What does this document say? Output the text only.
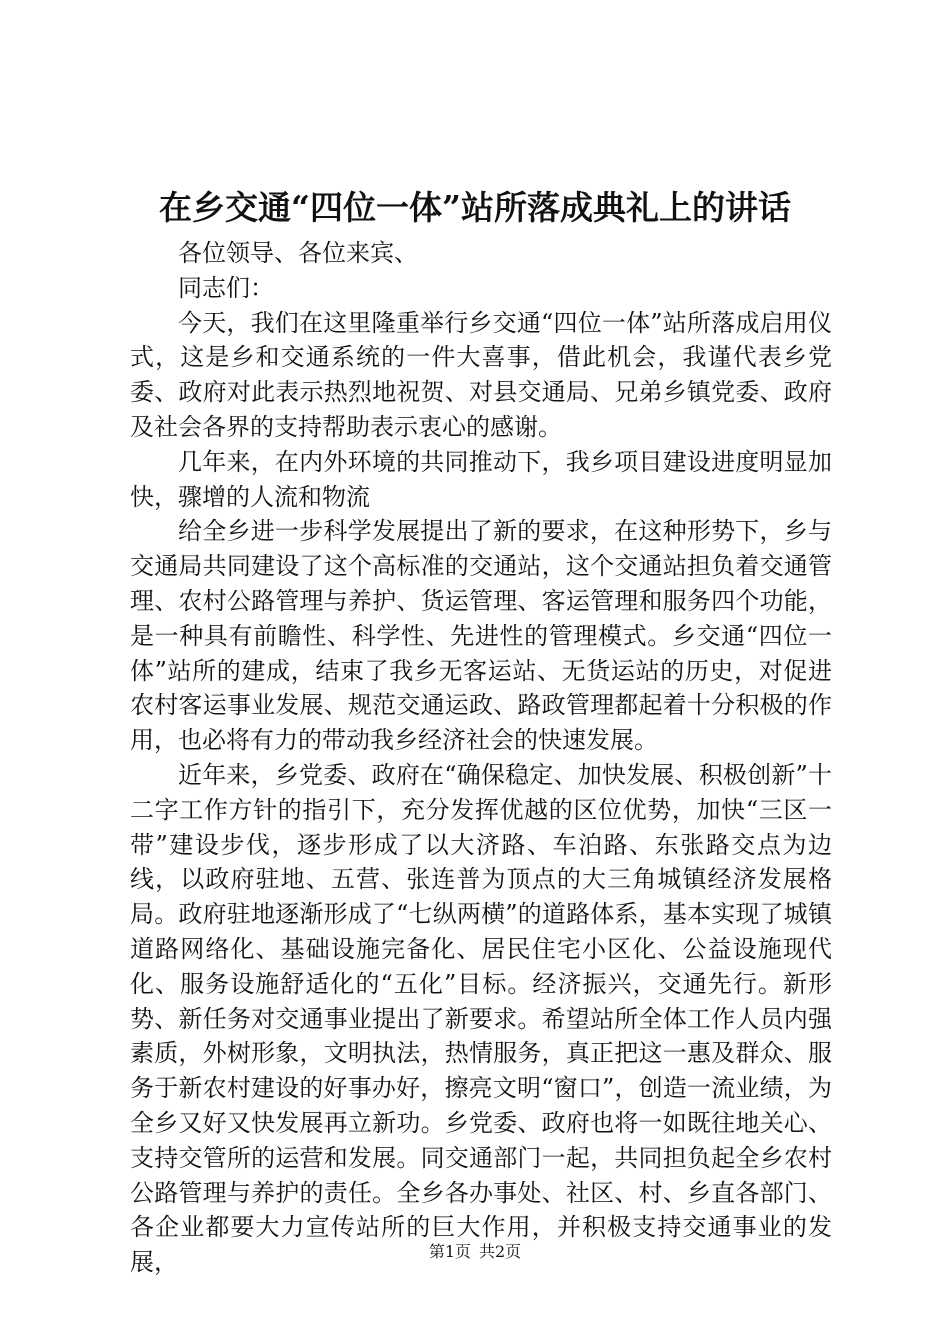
在乡交通“四位一体”站所落成典礼上的讲话

各位领导、各位来宾、

同志们：

今天，我们在这里隆重举行乡交通“四位一体”站所落成启用仪式，这是乡和交通系统的一件大喜事，借此机会，我谨代表乡党委、政府对此表示热烈地祝贺、对县交通局、兄弟乡镇党委、政府及社会各界的支持帮助表示衷心的感谢。

几年来，在内外环境的共同推动下，我乡项目建设进度明显加快，骤增的人流和物流

给全乡进一步科学发展提出了新的要求，在这种形势下，乡与交通局共同建设了这个高标准的交通站，这个交通站担负着交通管理、农村公路管理与养护、货运管理、客运管理和服务四个功能，是一种具有前瞻性、科学性、先进性的管理模式。乡交通“四位一体”站所的建成，结束了我乡无客运站、无货运站的历史，对促进农村客运事业发展、规范交通运政、路政管理都起着十分积极的作用，也必将有力的带动我乡经济社会的快速发展。

近年来，乡党委、政府在“确保稳定、加快发展、积极创新”十二字工作方针的指引下，充分发挥优越的区位优势，加快“三区一带”建设步伐，逐步形成了以大济路、车泊路、东张路交点为边线，以政府驻地、五营、张连普为顶点的大三角城镇经济发展格局。政府驻地逐渐形成了“七纵两横”的道路体系，基本实现了城镇道路网络化、基础设施完备化、居民住宅小区化、公益设施现代化、服务设施舒适化的“五化”目标。经济振兴，交通先行。新形势、新任务对交通事业提出了新要求。希望站所全体工作人员内强素质，外树形象，文明执法，热情服务，真正把这一惠及群众、服务于新农村建设的好事办好，擦亮文明“窗口”，创造一流业绩，为全乡又好又快发展再立新功。乡党委、政府也将一如既往地关心、支持交管所的运营和发展。同交通部门一起，共同担负起全乡农村公路管理与养护的责任。全乡各办事处、社区、村、乡直各部门、各企业都要大力宣传站所的巨大作用，并积极支持交通事业的发展，	第1页 共2页
